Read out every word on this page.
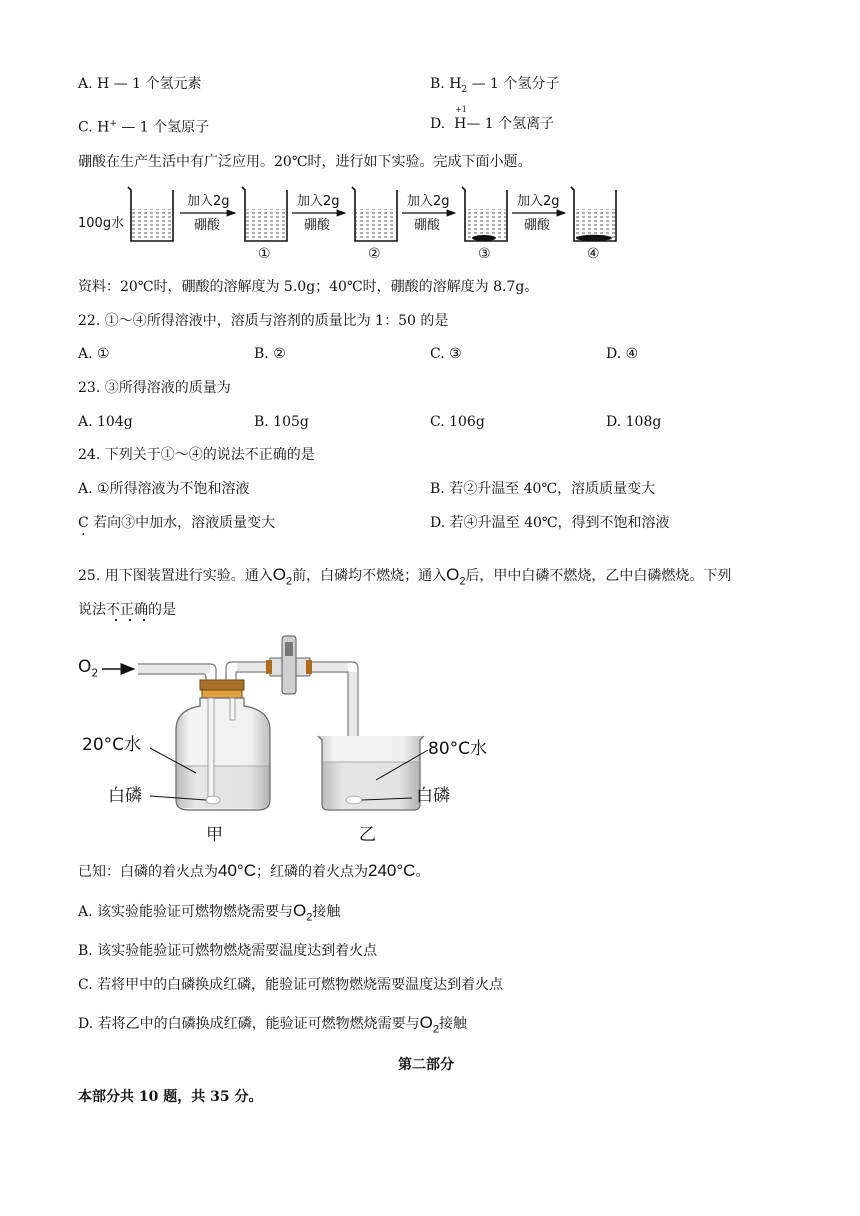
A. H — 1 个氢元素	B. $H_2$ — 1 个氢分子
C. H+ — 1 个氢原子	D.
+1
H— 1 个氢离子
硼酸在生产生活中有广泛应用。20℃时，进行如下实验。完成下面小题。
100g水
加入2g
硼酸
加入2g
硼酸
加入2g
硼酸
加入2g
硼酸
①	②	③	④
资料：20℃时，硼酸的溶解度为 5.0g；40℃时，硼酸的溶解度为 8.7g。
22. ①～④所得溶液中，溶质与溶剂的质量比为 1：50 的是
A. ①	B. ②	C. ③	D. ④
23. ③所得溶液的质量为
A. 104g	B. 105g	C. 106g	D. 108g
24. 下列关于①～④的说法不正确的是
A. ①所得溶液为不饱和溶液	B. 若②升温至 40℃，溶质质量变大
C · 若向③中加水，溶液质量变大	D. 若④升温至 40℃，得到不饱和溶液
25. 用下图装置进行实验。通入$O_2$前，白磷均不燃烧；通入$O_2$后，甲中白磷不燃烧，乙中白磷燃烧。下列
说法不正确的是
$O_2$
20°C水
白磷
80°C水
白磷
甲	乙
已知：白磷的着火点为40°C；红磷的着火点为240°C。
A. 该实验能验证可燃物燃烧需要与$O_2$接触
B. 该实验能验证可燃物燃烧需要温度达到着火点
C. 若将甲中的白磷换成红磷，能验证可燃物燃烧需要温度达到着火点
D. 若将乙中的白磷换成红磷，能验证可燃物燃烧需要与$O_2$接触
第二部分
本部分共 10 题，共 35 分。
